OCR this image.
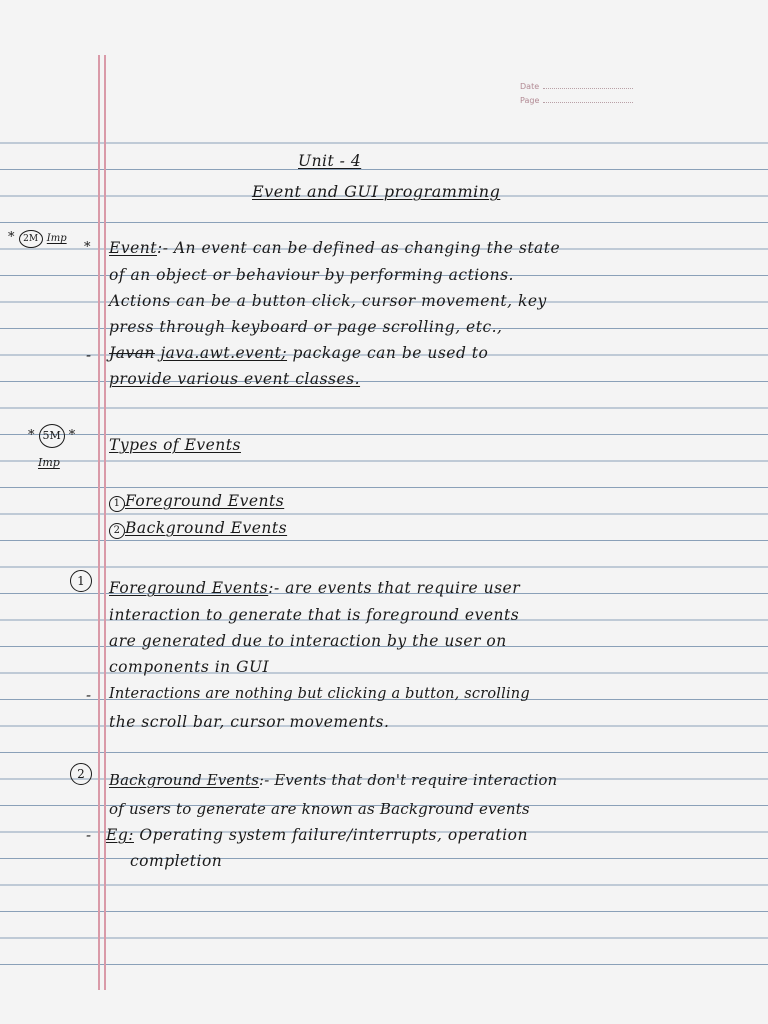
Date
Page
Unit - 4
Event and GUI programming
* 2M Imp
* Event:- An event can be defined as changing the state
of an object or behaviour by performing actions.
Actions can be a button click, cursor movement, key
press through keyboard or page scrolling, etc.,
- Javan java.awt.event; package can be used to
provide various event classes.
* 5M *
Imp
Types of Events
1 Foreground Events
2 Background Events
1	Foreground Events:- are events that require user
interaction to generate that is foreground events
are generated due to interaction by the user on
components in GUI
- Interactions are nothing but clicking a button, scrolling
the scroll bar, cursor movements.
2	Background Events:- Events that don't require interaction
of users to generate are known as Background events
- Eg: Operating system failure/interrupts, operation
completion
